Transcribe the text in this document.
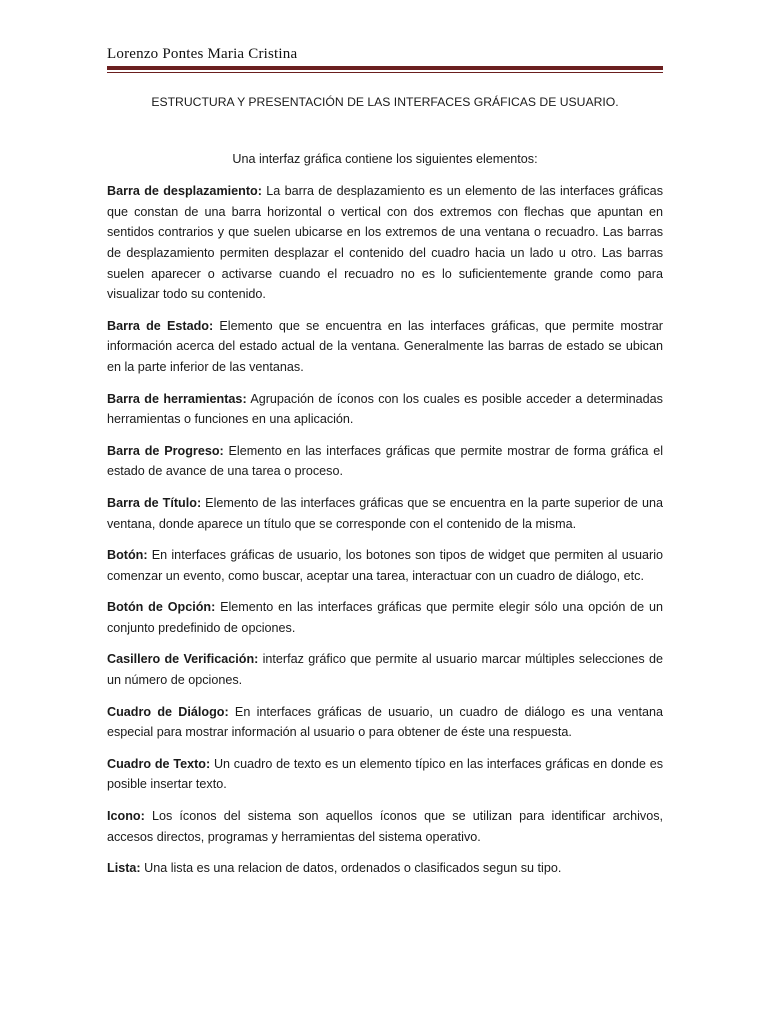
Lorenzo Pontes Maria Cristina

ESTRUCTURA Y PRESENTACIÓN DE LAS INTERFACES GRÁFICAS DE USUARIO.

Una interfaz gráfica contiene los siguientes elementos:

Barra de desplazamiento: La barra de desplazamiento es un elemento de las interfaces gráficas que constan de una barra horizontal o vertical con dos extremos con flechas que apuntan en sentidos contrarios y que suelen ubicarse en los extremos de una ventana o recuadro. Las barras de desplazamiento permiten desplazar el contenido del cuadro hacia un lado u otro. Las barras suelen aparecer o activarse cuando el recuadro no es lo suficientemente grande como para visualizar todo su contenido.

Barra de Estado: Elemento que se encuentra en las interfaces gráficas, que permite mostrar información acerca del estado actual de la ventana. Generalmente las barras de estado se ubican en la parte inferior de las ventanas.

Barra de herramientas: Agrupación de íconos con los cuales es posible acceder a determinadas herramientas o funciones en una aplicación.

Barra de Progreso: Elemento en las interfaces gráficas que permite mostrar de forma gráfica el estado de avance de una tarea o proceso.

Barra de Título: Elemento de las interfaces gráficas que se encuentra en la parte superior de una ventana, donde aparece un título que se corresponde con el contenido de la misma.

Botón: En interfaces gráficas de usuario, los botones son tipos de widget que permiten al usuario comenzar un evento, como buscar, aceptar una tarea, interactuar con un cuadro de diálogo, etc.

Botón de Opción: Elemento en las interfaces gráficas que permite elegir sólo una opción de un conjunto predefinido de opciones.

Casillero de Verificación: interfaz gráfico que permite al usuario marcar múltiples selecciones de un número de opciones.

Cuadro de Diálogo: En interfaces gráficas de usuario, un cuadro de diálogo es una ventana especial para mostrar información al usuario o para obtener de éste una respuesta.

Cuadro de Texto: Un cuadro de texto es un elemento típico en las interfaces gráficas en donde es posible insertar texto.

Icono: Los íconos del sistema son aquellos íconos que se utilizan para identificar archivos, accesos directos, programas y herramientas del sistema operativo.

Lista: Una lista es una relacion de datos, ordenados o clasificados segun su tipo.
